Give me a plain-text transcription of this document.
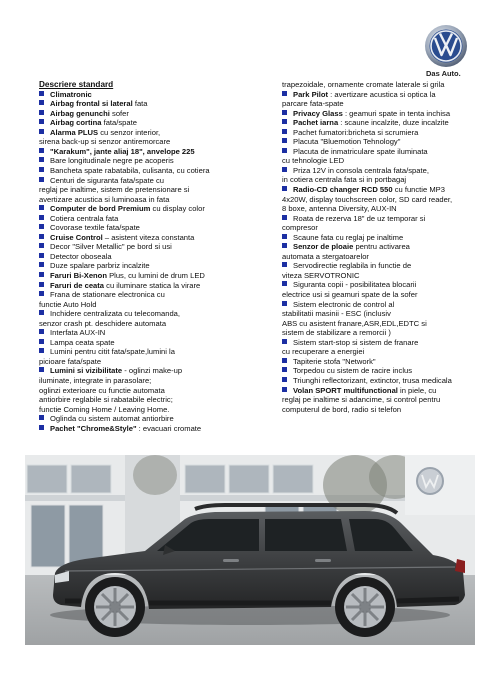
Das Auto.
Descriere standard
Climatronic
Airbag frontal si lateral fata
Airbag genunchi sofer
Airbag cortina fata/spate
Alarma PLUS cu senzor interior,
sirena back-up si senzor antiremorcare
"Karakum", jante aliaj 18", anvelope 225
Bare longitudinale negre pe acoperis
Bancheta spate rabatabila, culisanta, cu cotiera
Centuri de siguranta fata/spate cu
reglaj pe inaltime, sistem de pretensionare si
avertizare acustica si luminoasa in fata
Computer de bord Premium cu display color
Cotiera centrala fata
Covorase textile fata/spate
Cruise Control – asistent viteza constanta
Decor "Silver Metallic" pe bord si usi
Detector oboseala
Duze spalare parbriz incalzite
Faruri Bi-Xenon Plus, cu lumini de drum LED
Faruri de ceata cu iluminare statica la virare
Frana de stationare electronica cu
functie Auto Hold
Inchidere centralizata cu telecomanda,
senzor crash pt. deschidere automata
Interfata AUX-IN
Lampa ceata spate
Lumini pentru citit fata/spate,lumini la
picioare fata/spate
Lumini si vizibilitate - oglinzi make-up
iluminate, integrate in parasolare;
oglinzi exterioare cu functie automata
antiorbire reglabile si rabatabile electric;
functie Coming Home / Leaving Home.
Oglinda cu sistem automat antiorbire
Pachet "Chrome&Style" : evacuari cromate
trapezoidale, ornamente cromate laterale si grila
Park Pilot : avertizare acustica si optica la
parcare fata-spate
Privacy Glass : geamuri spate in tenta inchisa
Pachet iarna : scaune incalzite, duze incalzite
Pachet fumatori:bricheta si scrumiera
Placuta "Bluemotion Tehnology"
Placuta de inmatriculare spate iluminata
cu tehnologie LED
Priza 12V in consola centrala fata/spate,
in cotiera centrala fata si in portbagaj
Radio-CD changer RCD 550 cu functie MP3
4x20W, display touchscreen color, SD card reader,
8 boxe, antenna Diversity, AUX-IN
Roata de rezerva 18" de uz temporar si
compresor
Scaune fata cu reglaj pe inaltime
Senzor de ploaie pentru activarea
automata a stergatoarelor
Servodirectie reglabila in functie de
viteza SERVOTRONIC
Siguranta copii - posibilitatea blocarii
electrice usi si geamuri spate de la sofer
Sistem electronic de control al
stabilitatii masinii - ESC (inclusiv
ABS cu asistent franare,ASR,EDL,EDTC si
sistem de stabilizare a remorcii )
Sistem start-stop si sistem de franare
cu recuperare a energiei
Tapiterie stofa "Network"
Torpedou cu sistem de racire inclus
Triunghi reflectorizant, extinctor, trusa medicala
Volan SPORT multifunctional in piele, cu
reglaj pe inaltime si adancime, si control pentru
computerul de bord, radio si telefon
